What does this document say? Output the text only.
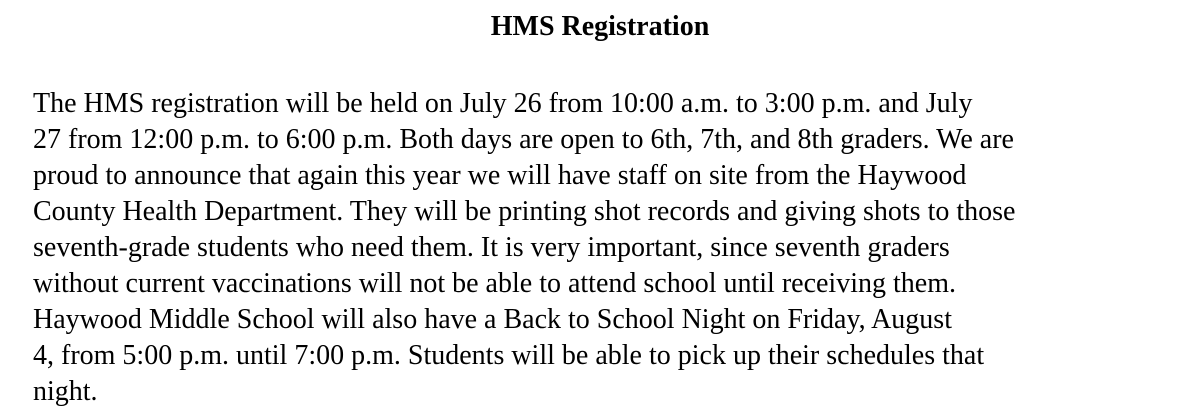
HMS Registration

The HMS registration will be held on July 26 from 10:00 a.m. to 3:00 p.m. and July
27 from 12:00 p.m. to 6:00 p.m. Both days are open to 6th, 7th, and 8th graders. We are
proud to announce that again this year we will have staff on site from the Haywood
County Health Department. They will be printing shot records and giving shots to those
seventh-grade students who need them. It is very important, since seventh graders
without current vaccinations will not be able to attend school until receiving them.
Haywood Middle School will also have a Back to School Night on Friday, August
4, from 5:00 p.m. until 7:00 p.m. Students will be able to pick up their schedules that
night.
